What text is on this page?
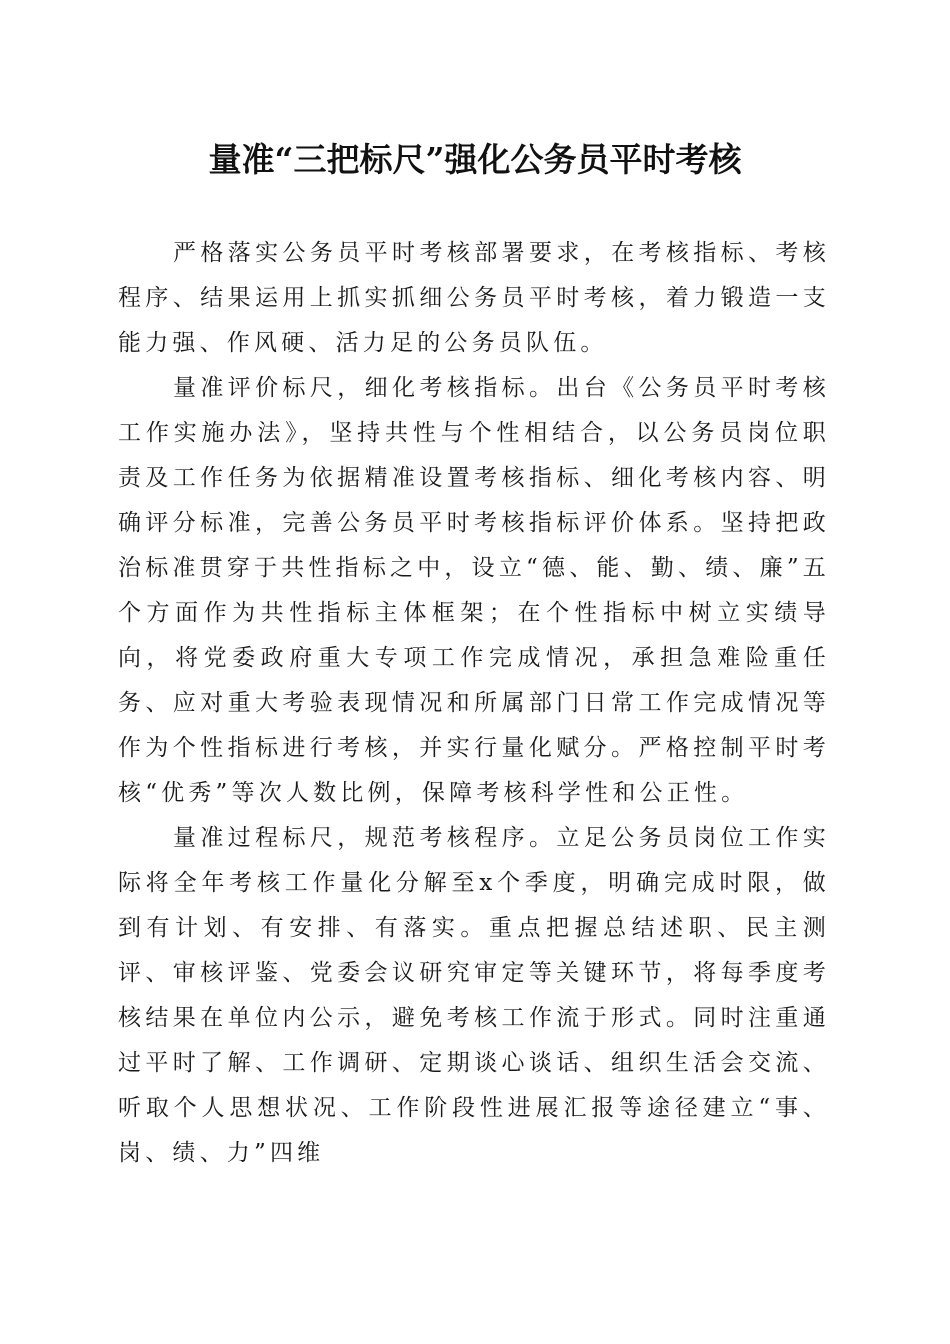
量准“三把标尺”强化公务员平时考核

严格落实公务员平时考核部署要求，在考核指标、考核程序、结果运用上抓实抓细公务员平时考核，着力锻造一支能力强、作风硬、活力足的公务员队伍。

量准评价标尺，细化考核指标。出台《公务员平时考核工作实施办法》，坚持共性与个性相结合，以公务员岗位职责及工作任务为依据精准设置考核指标、细化考核内容、明确评分标准，完善公务员平时考核指标评价体系。坚持把政治标准贯穿于共性指标之中，设立“德、能、勤、绩、廉”五个方面作为共性指标主体框架；在个性指标中树立实绩导向，将党委政府重大专项工作完成情况，承担急难险重任务、应对重大考验表现情况和所属部门日常工作完成情况等作为个性指标进行考核，并实行量化赋分。严格控制平时考核“优秀”等次人数比例，保障考核科学性和公正性。

量准过程标尺，规范考核程序。立足公务员岗位工作实际将全年考核工作量化分解至x个季度，明确完成时限，做到有计划、有安排、有落实。重点把握总结述职、民主测评、审核评鉴、党委会议研究审定等关键环节，将每季度考核结果在单位内公示，避免考核工作流于形式。同时注重通过平时了解、工作调研、定期谈心谈话、组织生活会交流、听取个人思想状况、工作阶段性进展汇报等途径建立“事、岗、绩、力”四维
